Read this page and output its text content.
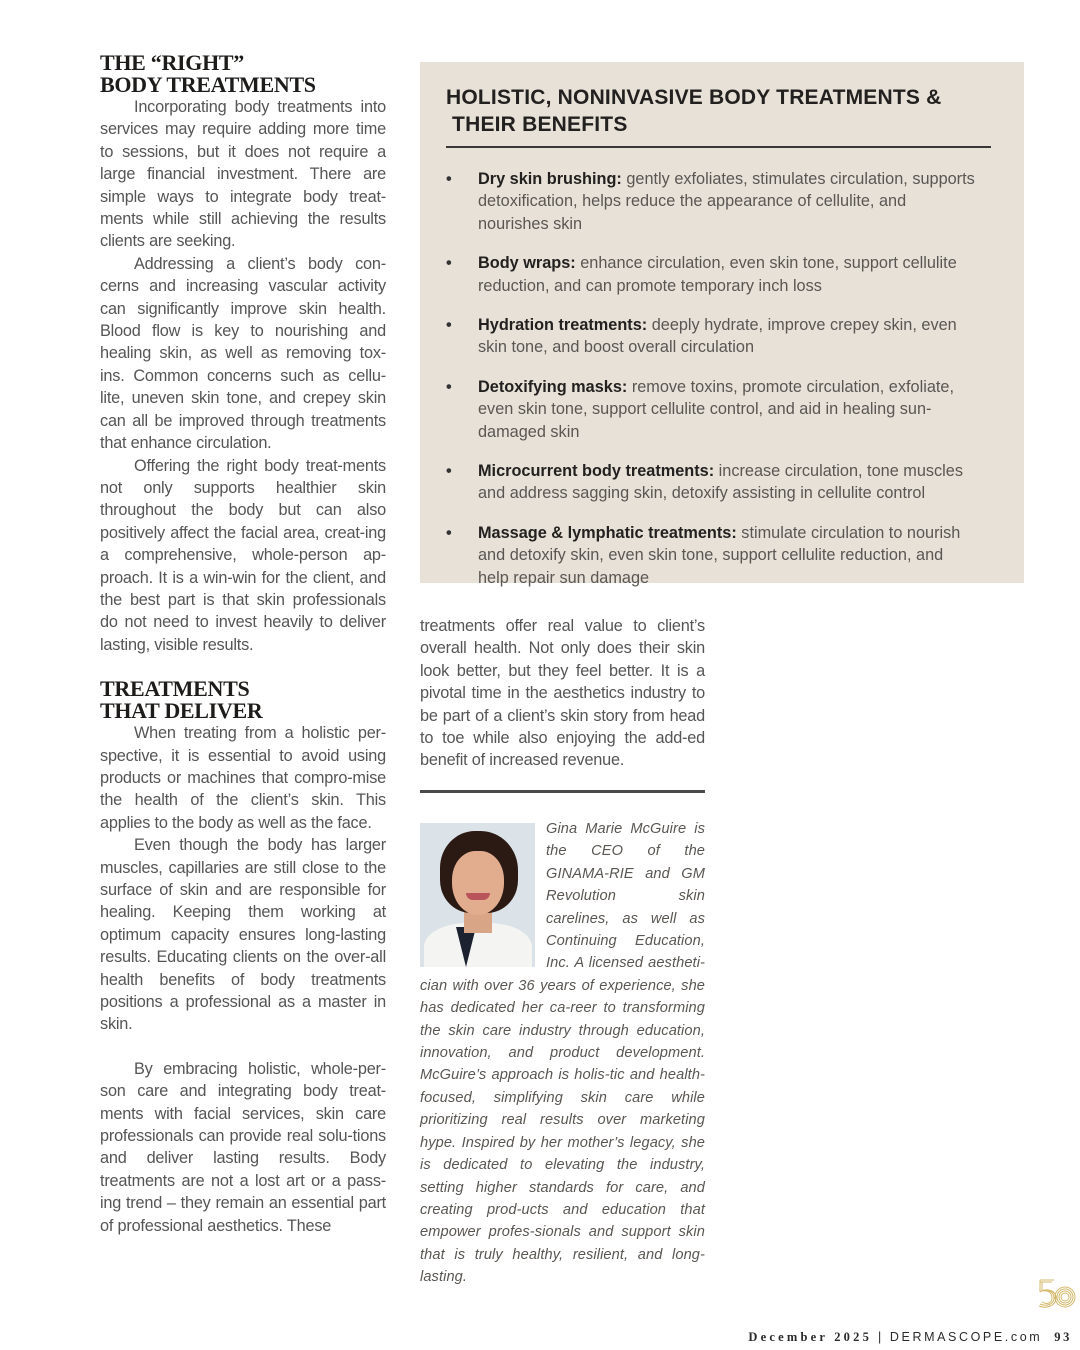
THE “RIGHT”
BODY TREATMENTS

Incorporating body treatments into services may require adding more time to sessions, but it does not require a large financial investment. There are simple ways to integrate body treat-ments while still achieving the results clients are seeking.

Addressing a client’s body con-cerns and increasing vascular activity can significantly improve skin health. Blood flow is key to nourishing and healing skin, as well as removing tox-ins. Common concerns such as cellu-lite, uneven skin tone, and crepey skin can all be improved through treatments that enhance circulation.

Offering the right body treat-ments not only supports healthier skin throughout the body but can also positively affect the facial area, creat-ing a comprehensive, whole-person ap-proach. It is a win-win for the client, and the best part is that skin professionals do not need to invest heavily to deliver lasting, visible results.

TREATMENTS
THAT DELIVER

When treating from a holistic per-spective, it is essential to avoid using products or machines that compro-mise the health of the client’s skin. This applies to the body as well as the face.

Even though the body has larger muscles, capillaries are still close to the surface of skin and are responsible for healing. Keeping them working at optimum capacity ensures long-lasting results. Educating clients on the over-all health benefits of body treatments positions a professional as a master in skin.

By embracing holistic, whole-per-son care and integrating body treat-ments with facial services, skin care professionals can provide real solu-tions and deliver lasting results. Body treatments are not a lost art or a pass-ing trend – they remain an essential part of professional aesthetics. These

HOLISTIC, NONINVASIVE BODY TREATMENTS &
THEIR BENEFITS
• Dry skin brushing: gently exfoliates, stimulates circulation, supports detoxification, helps reduce the appearance of cellulite, and nourishes skin
• Body wraps: enhance circulation, even skin tone, support cellulite reduction, and can promote temporary inch loss
• Hydration treatments: deeply hydrate, improve crepey skin, even skin tone, and boost overall circulation
• Detoxifying masks: remove toxins, promote circulation, exfoliate, even skin tone, support cellulite control, and aid in healing sun-damaged skin
• Microcurrent body treatments: increase circulation, tone muscles and address sagging skin, detoxify assisting in cellulite control
• Massage & lymphatic treatments: stimulate circulation to nourish and detoxify skin, even skin tone, support cellulite reduction, and help repair sun damage

treatments offer real value to client’s overall health. Not only does their skin look better, but they feel better. It is a pivotal time in the aesthetics industry to be part of a client’s skin story from head to toe while also enjoying the add-ed benefit of increased revenue.

Gina Marie McGuire is the CEO of the GINAMA-RIE and GM Revolution skin carelines, as well as Continuing Education, Inc. A licensed aestheti-cian with over 36 years of experience, she has dedicated her ca-reer to transforming the skin care industry through education, innovation, and product development. McGuire’s approach is holis-tic and health-focused, simplifying skin care while prioritizing real results over marketing hype. Inspired by her mother’s legacy, she is dedicated to elevating the industry, setting higher standards for care, and creating prod-ucts and education that empower profes-sionals and support skin that is truly healthy, resilient, and long-lasting.
December 2025 | DERMASCOPE.com 93
